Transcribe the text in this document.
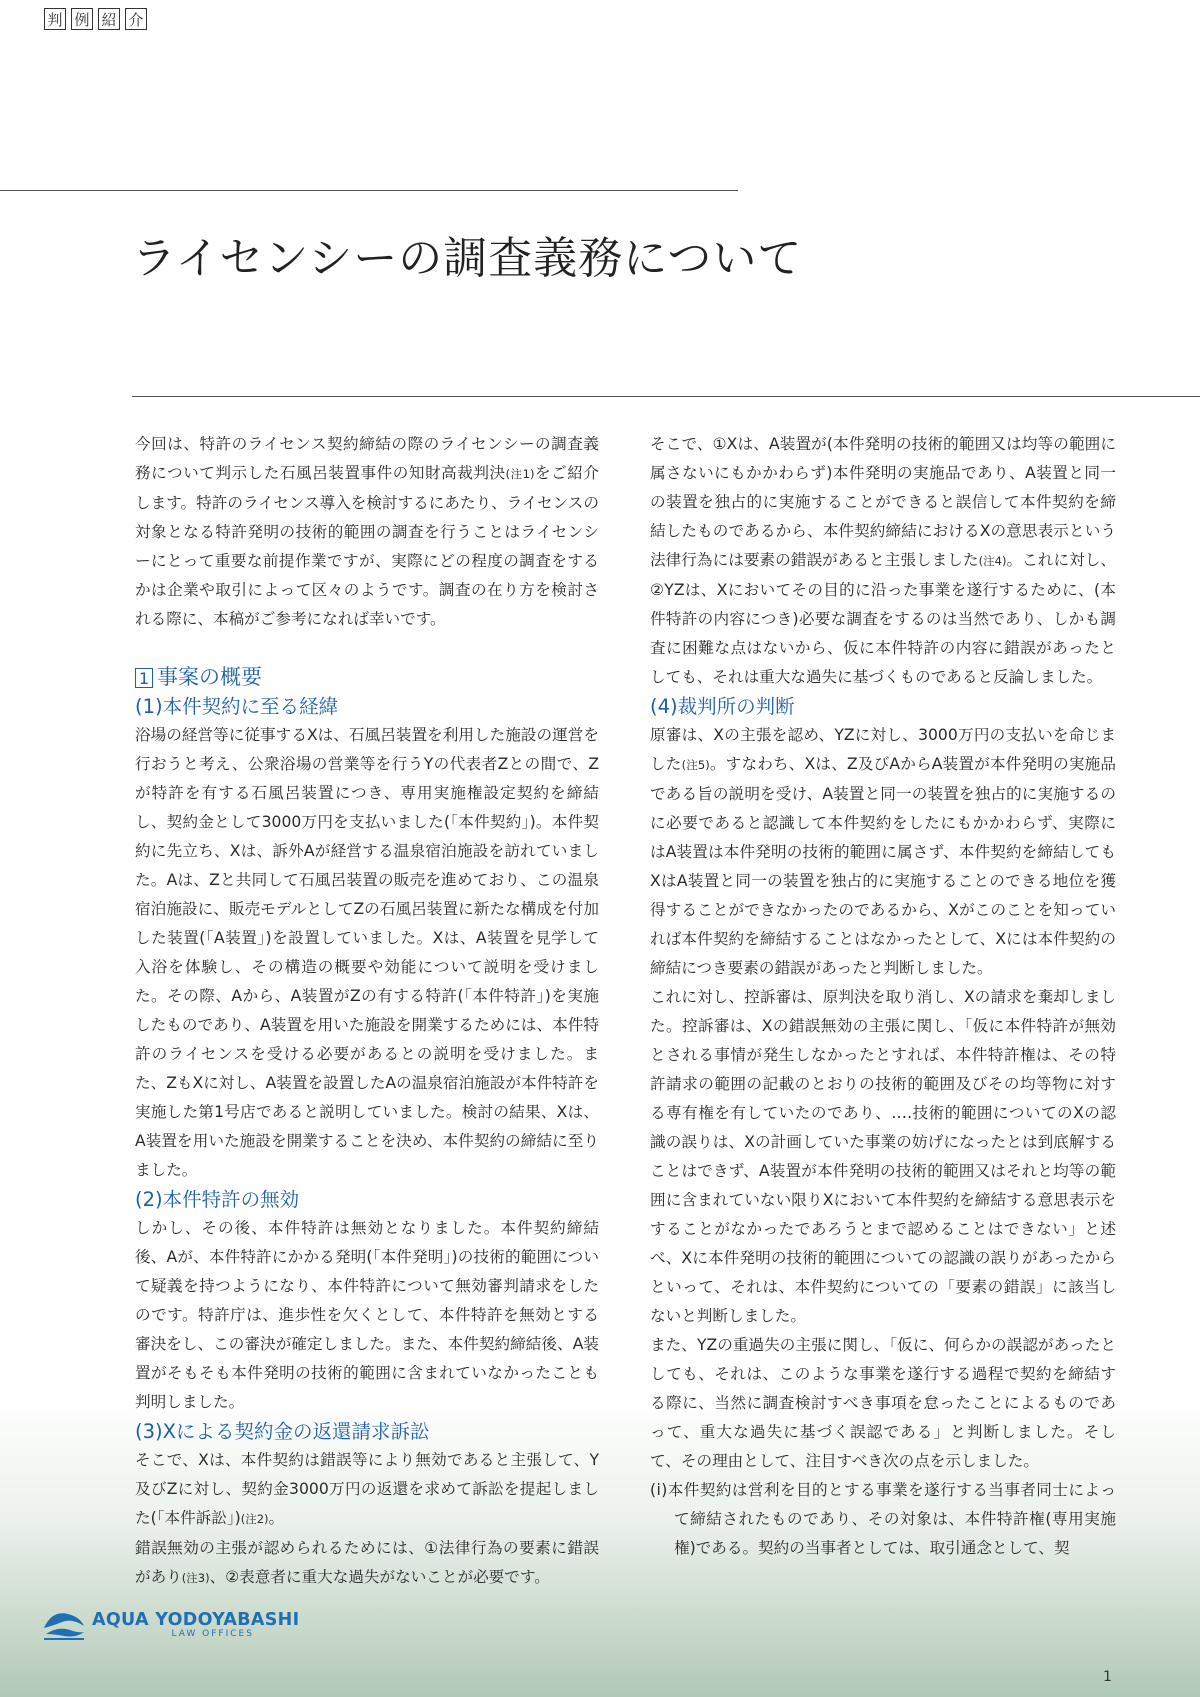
判 例 紹 介
ライセンシーの調査義務について

今回は、特許のライセンス契約締結の際のライセンシーの調査義務について判示した石風呂装置事件の知財高裁判決(注1)をご紹介します。特許のライセンス導入を検討するにあたり、ライセンスの対象となる特許発明の技術的範囲の調査を行うことはライセンシーにとって重要な前提作業ですが、実際にどの程度の調査をするかは企業や取引によって区々のようです。調査の在り方を検討される際に、本稿がご参考になれば幸いです。

1 事案の概要

(1)本件契約に至る経緯

浴場の経営等に従事するXは、石風呂装置を利用した施設の運営を行おうと考え、公衆浴場の営業等を行うYの代表者Zとの間で、Zが特許を有する石風呂装置につき、専用実施権設定契約を締結し、契約金として3000万円を支払いました(「本件契約」)。本件契約に先立ち、Xは、訴外Aが経営する温泉宿泊施設を訪れていました。Aは、Zと共同して石風呂装置の販売を進めており、この温泉宿泊施設に、販売モデルとしてZの石風呂装置に新たな構成を付加した装置(「A装置」)を設置していました。Xは、A装置を見学して入浴を体験し、その構造の概要や効能について説明を受けました。その際、Aから、A装置がZの有する特許(「本件特許」)を実施したものであり、A装置を用いた施設を開業するためには、本件特許のライセンスを受ける必要があるとの説明を受けました。また、ZもXに対し、A装置を設置したAの温泉宿泊施設が本件特許を実施した第1号店であると説明していました。検討の結果、Xは、A装置を用いた施設を開業することを決め、本件契約の締結に至りました。

(2)本件特許の無効

しかし、その後、本件特許は無効となりました。本件契約締結後、Aが、本件特許にかかる発明(「本件発明」)の技術的範囲について疑義を持つようになり、本件特許について無効審判請求をしたのです。特許庁は、進歩性を欠くとして、本件特許を無効とする審決をし、この審決が確定しました。また、本件契約締結後、A装置がそもそも本件発明の技術的範囲に含まれていなかったことも判明しました。

(3)Xによる契約金の返還請求訴訟

そこで、Xは、本件契約は錯誤等により無効であると主張して、Y及びZに対し、契約金3000万円の返還を求めて訴訟を提起しました(「本件訴訟」)(注2)。

錯誤無効の主張が認められるためには、①法律行為の要素に錯誤があり(注3)、②表意者に重大な過失がないことが必要です。

そこで、①Xは、A装置が(本件発明の技術的範囲又は均等の範囲に属さないにもかかわらず)本件発明の実施品であり、A装置と同一の装置を独占的に実施することができると誤信して本件契約を締結したものであるから、本件契約締結におけるXの意思表示という法律行為には要素の錯誤があると主張しました(注4)。これに対し、②YZは、Xにおいてその目的に沿った事業を遂行するために、(本件特許の内容につき)必要な調査をするのは当然であり、しかも調査に困難な点はないから、仮に本件特許の内容に錯誤があったとしても、それは重大な過失に基づくものであると反論しました。

(4)裁判所の判断

原審は、Xの主張を認め、YZに対し、3000万円の支払いを命じました(注5)。すなわち、Xは、Z及びAからA装置が本件発明の実施品である旨の説明を受け、A装置と同一の装置を独占的に実施するのに必要であると認識して本件契約をしたにもかかわらず、実際にはA装置は本件発明の技術的範囲に属さず、本件契約を締結してもXはA装置と同一の装置を独占的に実施することのできる地位を獲得することができなかったのであるから、Xがこのことを知っていれば本件契約を締結することはなかったとして、Xには本件契約の締結につき要素の錯誤があったと判断しました。

これに対し、控訴審は、原判決を取り消し、Xの請求を棄却しました。控訴審は、Xの錯誤無効の主張に関し、「仮に本件特許が無効とされる事情が発生しなかったとすれば、本件特許権は、その特許請求の範囲の記載のとおりの技術的範囲及びその均等物に対する専有権を有していたのであり、‥‥技術的範囲についてのXの認識の誤りは、Xの計画していた事業の妨げになったとは到底解することはできず、A装置が本件発明の技術的範囲又はそれと均等の範囲に含まれていない限りXにおいて本件契約を締結する意思表示をすることがなかったであろうとまで認めることはできない」と述べ、Xに本件発明の技術的範囲についての認識の誤りがあったからといって、それは、本件契約についての「要素の錯誤」に該当しないと判断しました。

また、YZの重過失の主張に関し、「仮に、何らかの誤認があったとしても、それは、このような事業を遂行する過程で契約を締結する際に、当然に調査検討すべき事項を怠ったことによるものであって、重大な過失に基づく誤認である」と判断しました。そして、その理由として、注目すべき次の点を示しました。

(ⅰ)本件契約は営利を目的とする事業を遂行する当事者同士によって締結されたものであり、その対象は、本件特許権(専用実施権)である。契約の当事者としては、取引通念として、契

AQUA YODOYABASHI
LAW OFFICES
1
